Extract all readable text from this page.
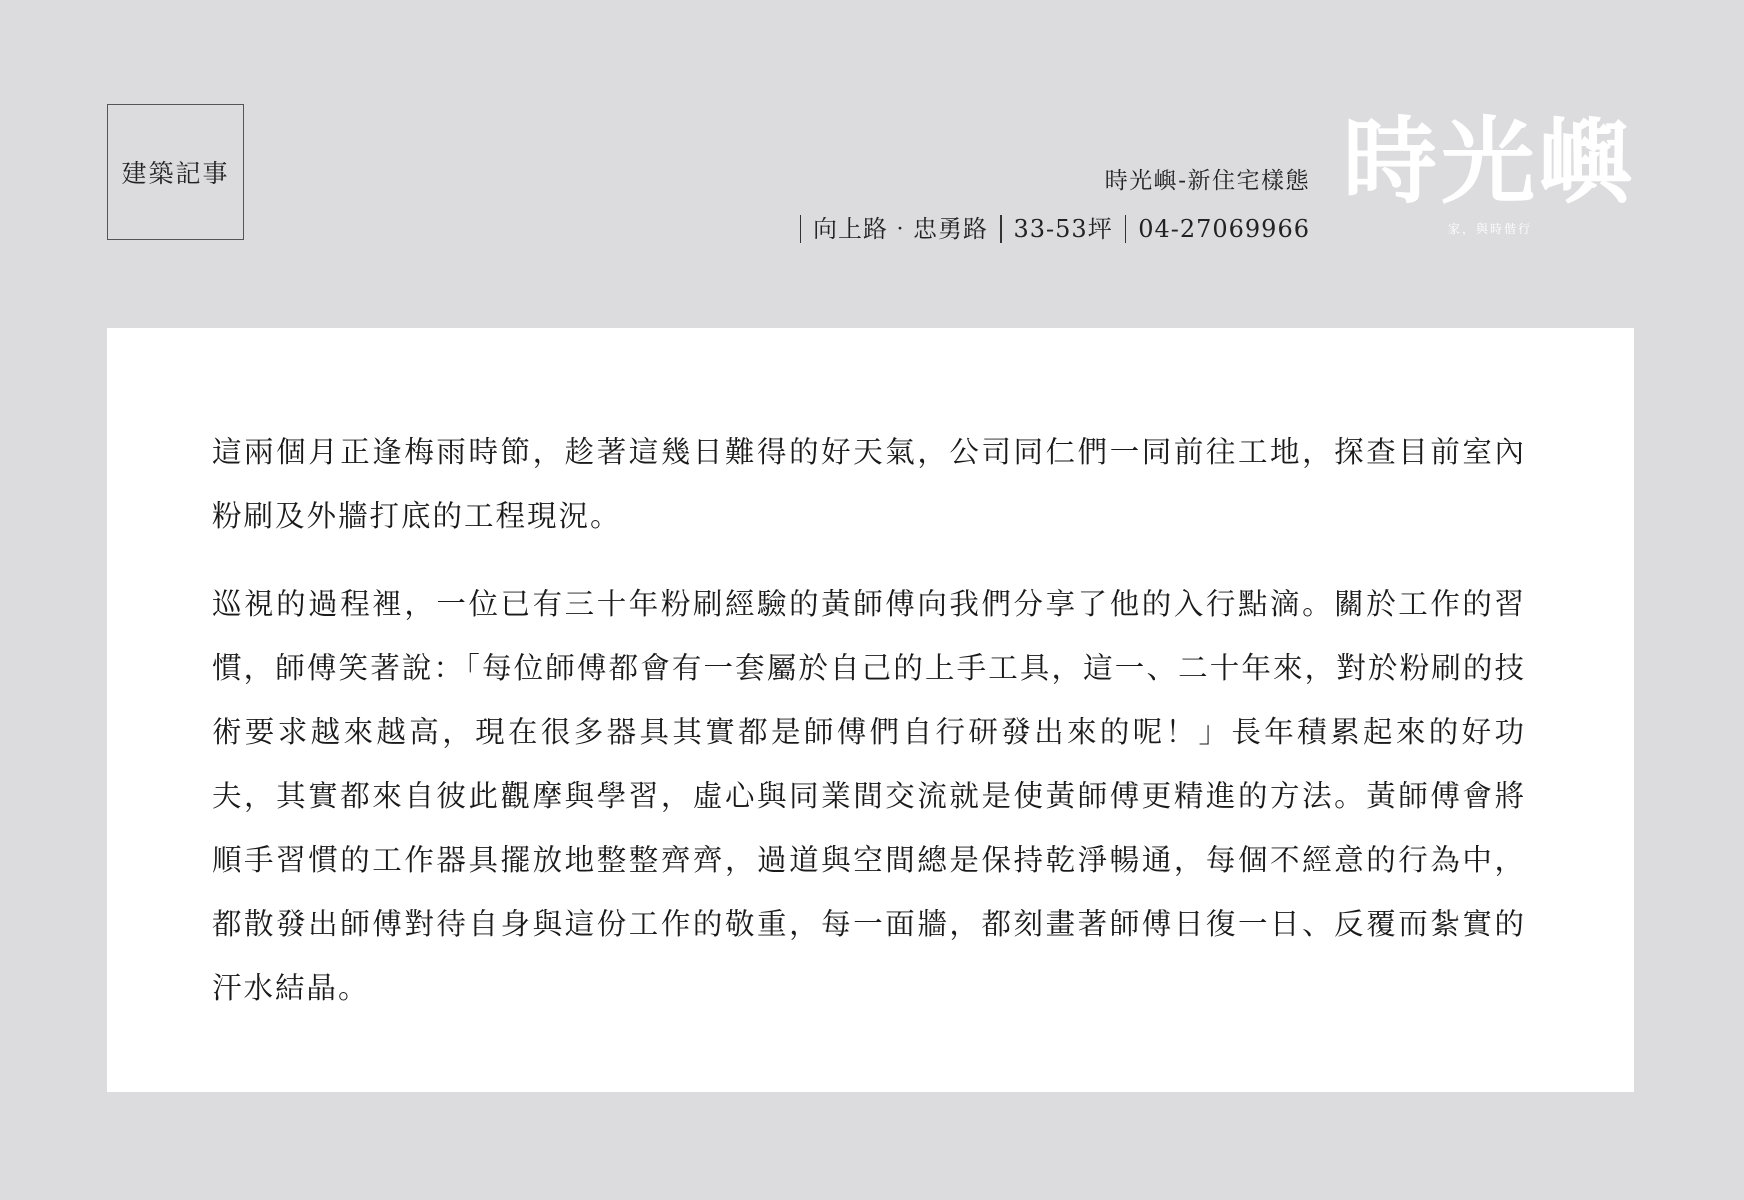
建築記事	時光嶼-新住宅樣態
向上路‧忠勇路 33-53坪 04-27069966
時光嶼
家，與時偕行

這兩個月正逢梅雨時節，趁著這幾日難得的好天氣，公司同仁們一同前往工地，探查目前室內粉刷及外牆打底的工程現況。

巡視的過程裡，一位已有三十年粉刷經驗的黃師傅向我們分享了他的入行點滴。關於工作的習慣，師傅笑著說：「每位師傅都會有一套屬於自己的上手工具，這一、二十年來，對於粉刷的技術要求越來越高，現在很多器具其實都是師傅們自行研發出來的呢！」長年積累起來的好功夫，其實都來自彼此觀摩與學習，虛心與同業間交流就是使黃師傅更精進的方法。黃師傅會將順手習慣的工作器具擺放地整整齊齊，過道與空間總是保持乾淨暢通，每個不經意的行為中，都散發出師傅對待自身與這份工作的敬重，每一面牆，都刻畫著師傅日復一日、反覆而紮實的汗水結晶。
